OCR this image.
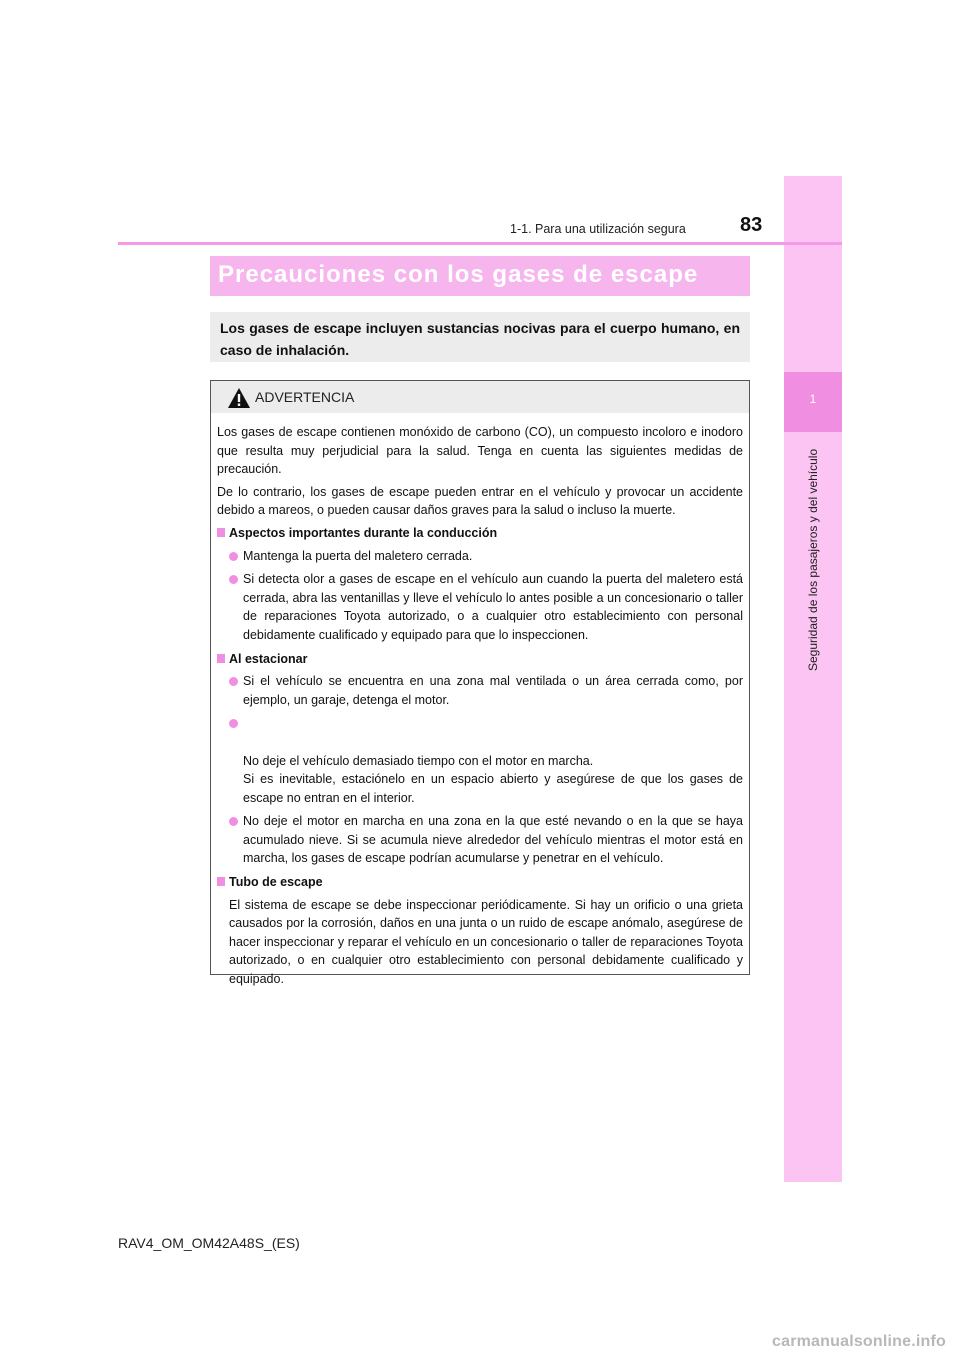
1
Seguridad de los pasajeros y del vehículo
1-1. Para una utilización segura	83
Precauciones con los gases de escape

Los gases de escape incluyen sustancias nocivas para el cuerpo humano, en caso de inhalación.

ADVERTENCIA

Los gases de escape contienen monóxido de carbono (CO), un compuesto incoloro e inodoro que resulta muy perjudicial para la salud. Tenga en cuenta las siguientes medidas de precaución.

De lo contrario, los gases de escape pueden entrar en el vehículo y provocar un accidente debido a mareos, o pueden causar daños graves para la salud o incluso la muerte.

Aspectos importantes durante la conducción
Mantenga la puerta del maletero cerrada.
Si detecta olor a gases de escape en el vehículo aun cuando la puerta del maletero está cerrada, abra las ventanillas y lleve el vehículo lo antes posible a un concesionario o taller de reparaciones Toyota autorizado, o a cualquier otro establecimiento con personal debidamente cualificado y equipado para que lo inspeccionen.
Al estacionar
Si el vehículo se encuentra en una zona mal ventilada o un área cerrada como, por ejemplo, un garaje, detenga el motor.

No deje el vehículo demasiado tiempo con el motor en marcha.
Si es inevitable, estaciónelo en un espacio abierto y asegúrese de que los gases de escape no entran en el interior.

No deje el motor en marcha en una zona en la que esté nevando o en la que se haya acumulado nieve. Si se acumula nieve alrededor del vehículo mientras el motor está en marcha, los gases de escape podrían acumularse y penetrar en el vehículo.
Tubo de escape
El sistema de escape se debe inspeccionar periódicamente. Si hay un orificio o una grieta causados por la corrosión, daños en una junta o un ruido de escape anómalo, asegúrese de hacer inspeccionar y reparar el vehículo en un concesionario o taller de reparaciones Toyota autorizado, o en cualquier otro establecimiento con personal debidamente cualificado y equipado.
RAV4_OM_OM42A48S_(ES)
carmanualsonline.info
